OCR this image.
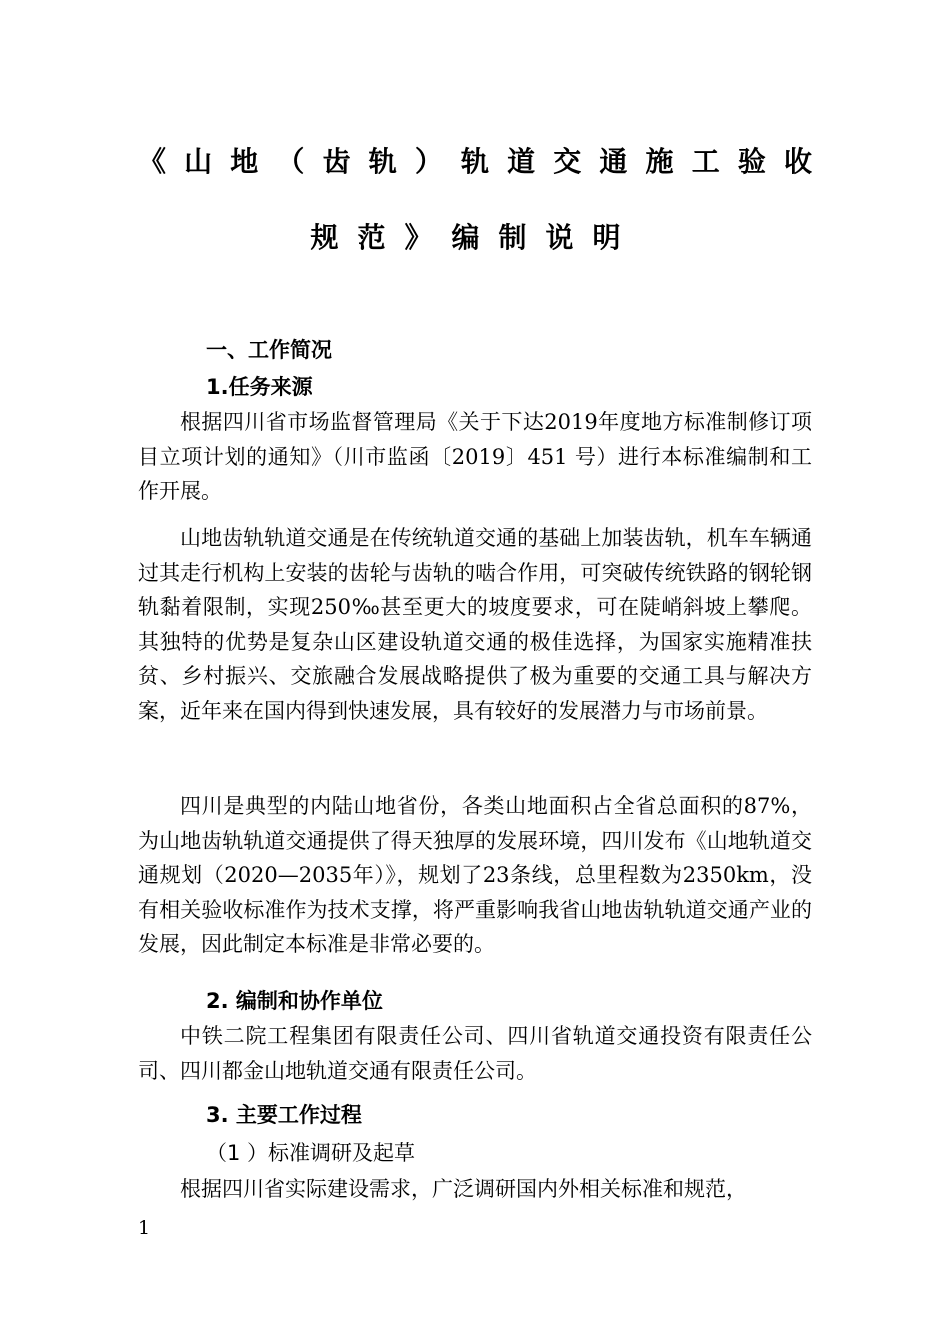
《山地（齿轨）轨道交通施工验收
规范》编制说明
一、工作简况
1.任务来源

根据四川省市场监督管理局《关于下达2019年度地方标准制修订项目立项计划的通知》（川市监函〔2019〕451 号）进行本标准编制和工作开展。

山地齿轨轨道交通是在传统轨道交通的基础上加装齿轨，机车车辆通过其走行机构上安装的齿轮与齿轨的啮合作用，可突破传统铁路的钢轮钢轨黏着限制，实现250‰甚至更大的坡度要求，可在陡峭斜坡上攀爬。其独特的优势是复杂山区建设轨道交通的极佳选择，为国家实施精准扶贫、乡村振兴、交旅融合发展战略提供了极为重要的交通工具与解决方案，近年来在国内得到快速发展，具有较好的发展潜力与市场前景。

四川是典型的内陆山地省份，各类山地面积占全省总面积的87%，为山地齿轨轨道交通提供了得天独厚的发展环境，四川发布《山地轨道交通规划（2020—2035年）》，规划了23条线，总里程数为2350km，没有相关验收标准作为技术支撑，将严重影响我省山地齿轨轨道交通产业的发展，因此制定本标准是非常必要的。

2. 编制和协作单位

中铁二院工程集团有限责任公司、四川省轨道交通投资有限责任公司、四川都金山地轨道交通有限责任公司。

3. 主要工作过程
（1 ）标准调研及起草

根据四川省实际建设需求，广泛调研国内外相关标准和规范，

1
